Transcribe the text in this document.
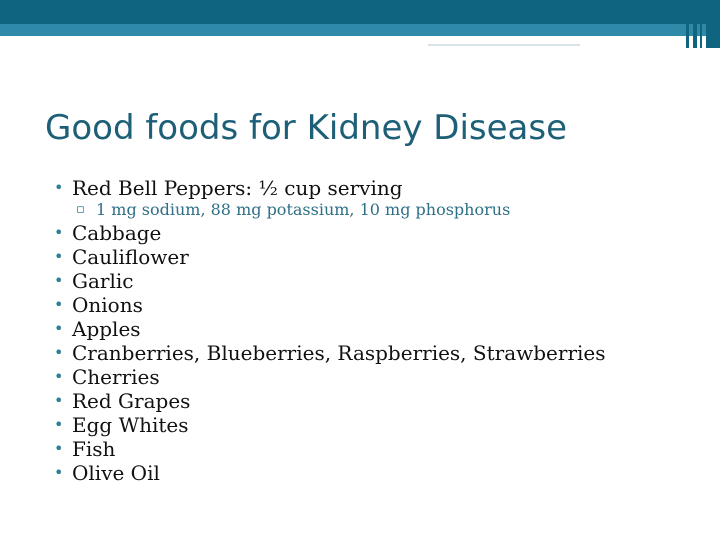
Good foods for Kidney Disease
• Red Bell Peppers: ½ cup serving
▫ 1 mg sodium, 88 mg potassium, 10 mg phosphorus
• Cabbage
• Cauliflower
• Garlic
• Onions
• Apples
• Cranberries, Blueberries, Raspberries, Strawberries
• Cherries
• Red Grapes
• Egg Whites
• Fish
• Olive Oil
